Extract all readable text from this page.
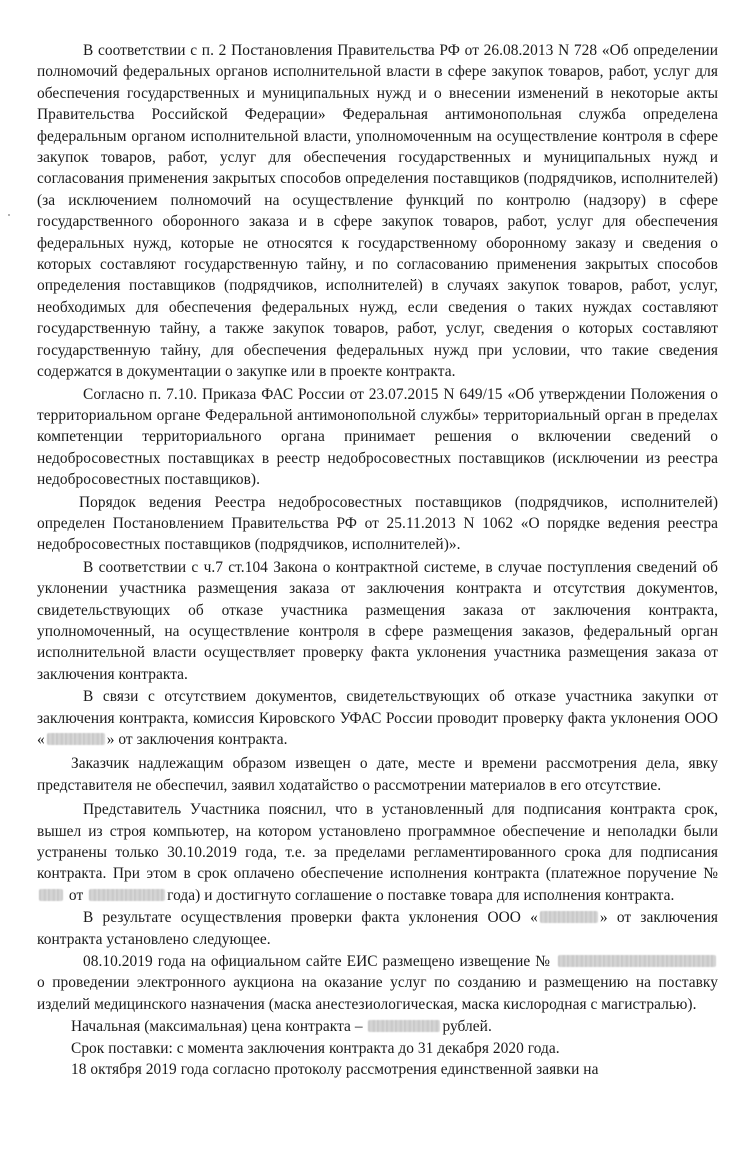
В соответствии с п. 2 Постановления Правительства РФ от 26.08.2013 N 728 «Об определении полномочий федеральных органов исполнительной власти в сфере закупок товаров, работ, услуг для обеспечения государственных и муниципальных нужд и о внесении изменений в некоторые акты Правительства Российской Федерации» Федеральная антимонопольная служба определена федеральным органом исполнительной власти, уполномоченным на осуществление контроля в сфере закупок товаров, работ, услуг для обеспечения государственных и муниципальных нужд и согласования применения закрытых способов определения поставщиков (подрядчиков, исполнителей) (за исключением полномочий на осуществление функций по контролю (надзору) в сфере государственного оборонного заказа и в сфере закупок товаров, работ, услуг для обеспечения федеральных нужд, которые не относятся к государственному оборонному заказу и сведения о которых составляют государственную тайну, и по согласованию применения закрытых способов определения поставщиков (подрядчиков, исполнителей) в случаях закупок товаров, работ, услуг, необходимых для обеспечения федеральных нужд, если сведения о таких нуждах составляют государственную тайну, а также закупок товаров, работ, услуг, сведения о которых составляют государственную тайну, для обеспечения федеральных нужд при условии, что такие сведения содержатся в документации о закупке или в проекте контракта.

Согласно п. 7.10. Приказа ФАС России от 23.07.2015 N 649/15 «Об утверждении Положения о территориальном органе Федеральной антимонопольной службы» территориальный орган в пределах компетенции территориального органа принимает решения о включении сведений о недобросовестных поставщиках в реестр недобросовестных поставщиков (исключении из реестра недобросовестных поставщиков).

Порядок ведения Реестра недобросовестных поставщиков (подрядчиков, исполнителей) определен Постановлением Правительства РФ от 25.11.2013 N 1062 «О порядке ведения реестра недобросовестных поставщиков (подрядчиков, исполнителей)».

В соответствии с ч.7 ст.104 Закона о контрактной системе, в случае поступления сведений об уклонении участника размещения заказа от заключения контракта и отсутствия документов, свидетельствующих об отказе участника размещения заказа от заключения контракта, уполномоченный, на осуществление контроля в сфере размещения заказов, федеральный орган исполнительной власти осуществляет проверку факта уклонения участника размещения заказа от заключения контракта.

В связи с отсутствием документов, свидетельствующих об отказе участника закупки от заключения контракта, комиссия Кировского УФАС России проводит проверку факта уклонения ООО «	» от заключения контракта.

Заказчик надлежащим образом извещен о дате, месте и времени рассмотрения дела, явку представителя не обеспечил, заявил ходатайство о рассмотрении материалов в его отсутствие.

Представитель Участника пояснил, что в установленный для подписания контракта срок, вышел из строя компьютер, на котором установлено программное обеспечение и неполадки были устранены только 30.10.2019 года, т.е. за пределами регламентированного срока для подписания контракта. При этом в срок оплачено обеспечение исполнения контракта (платежное поручение №  от	года) и достигнуто соглашение о поставке товара для исполнения контракта.

В результате осуществления проверки факта уклонения ООО «	» от заключения контракта установлено следующее.

08.10.2019 года на официальном сайте ЕИС размещено извещение №  о проведении электронного аукциона на оказание услуг по созданию и размещению на поставку изделий медицинского назначения (маска анестезиологическая, маска кислородная с магистралью).

Начальная (максимальная) цена контракта –	рублей.

Срок поставки: с момента заключения контракта до 31 декабря 2020 года.

18 октября 2019 года согласно протоколу рассмотрения единственной заявки на
